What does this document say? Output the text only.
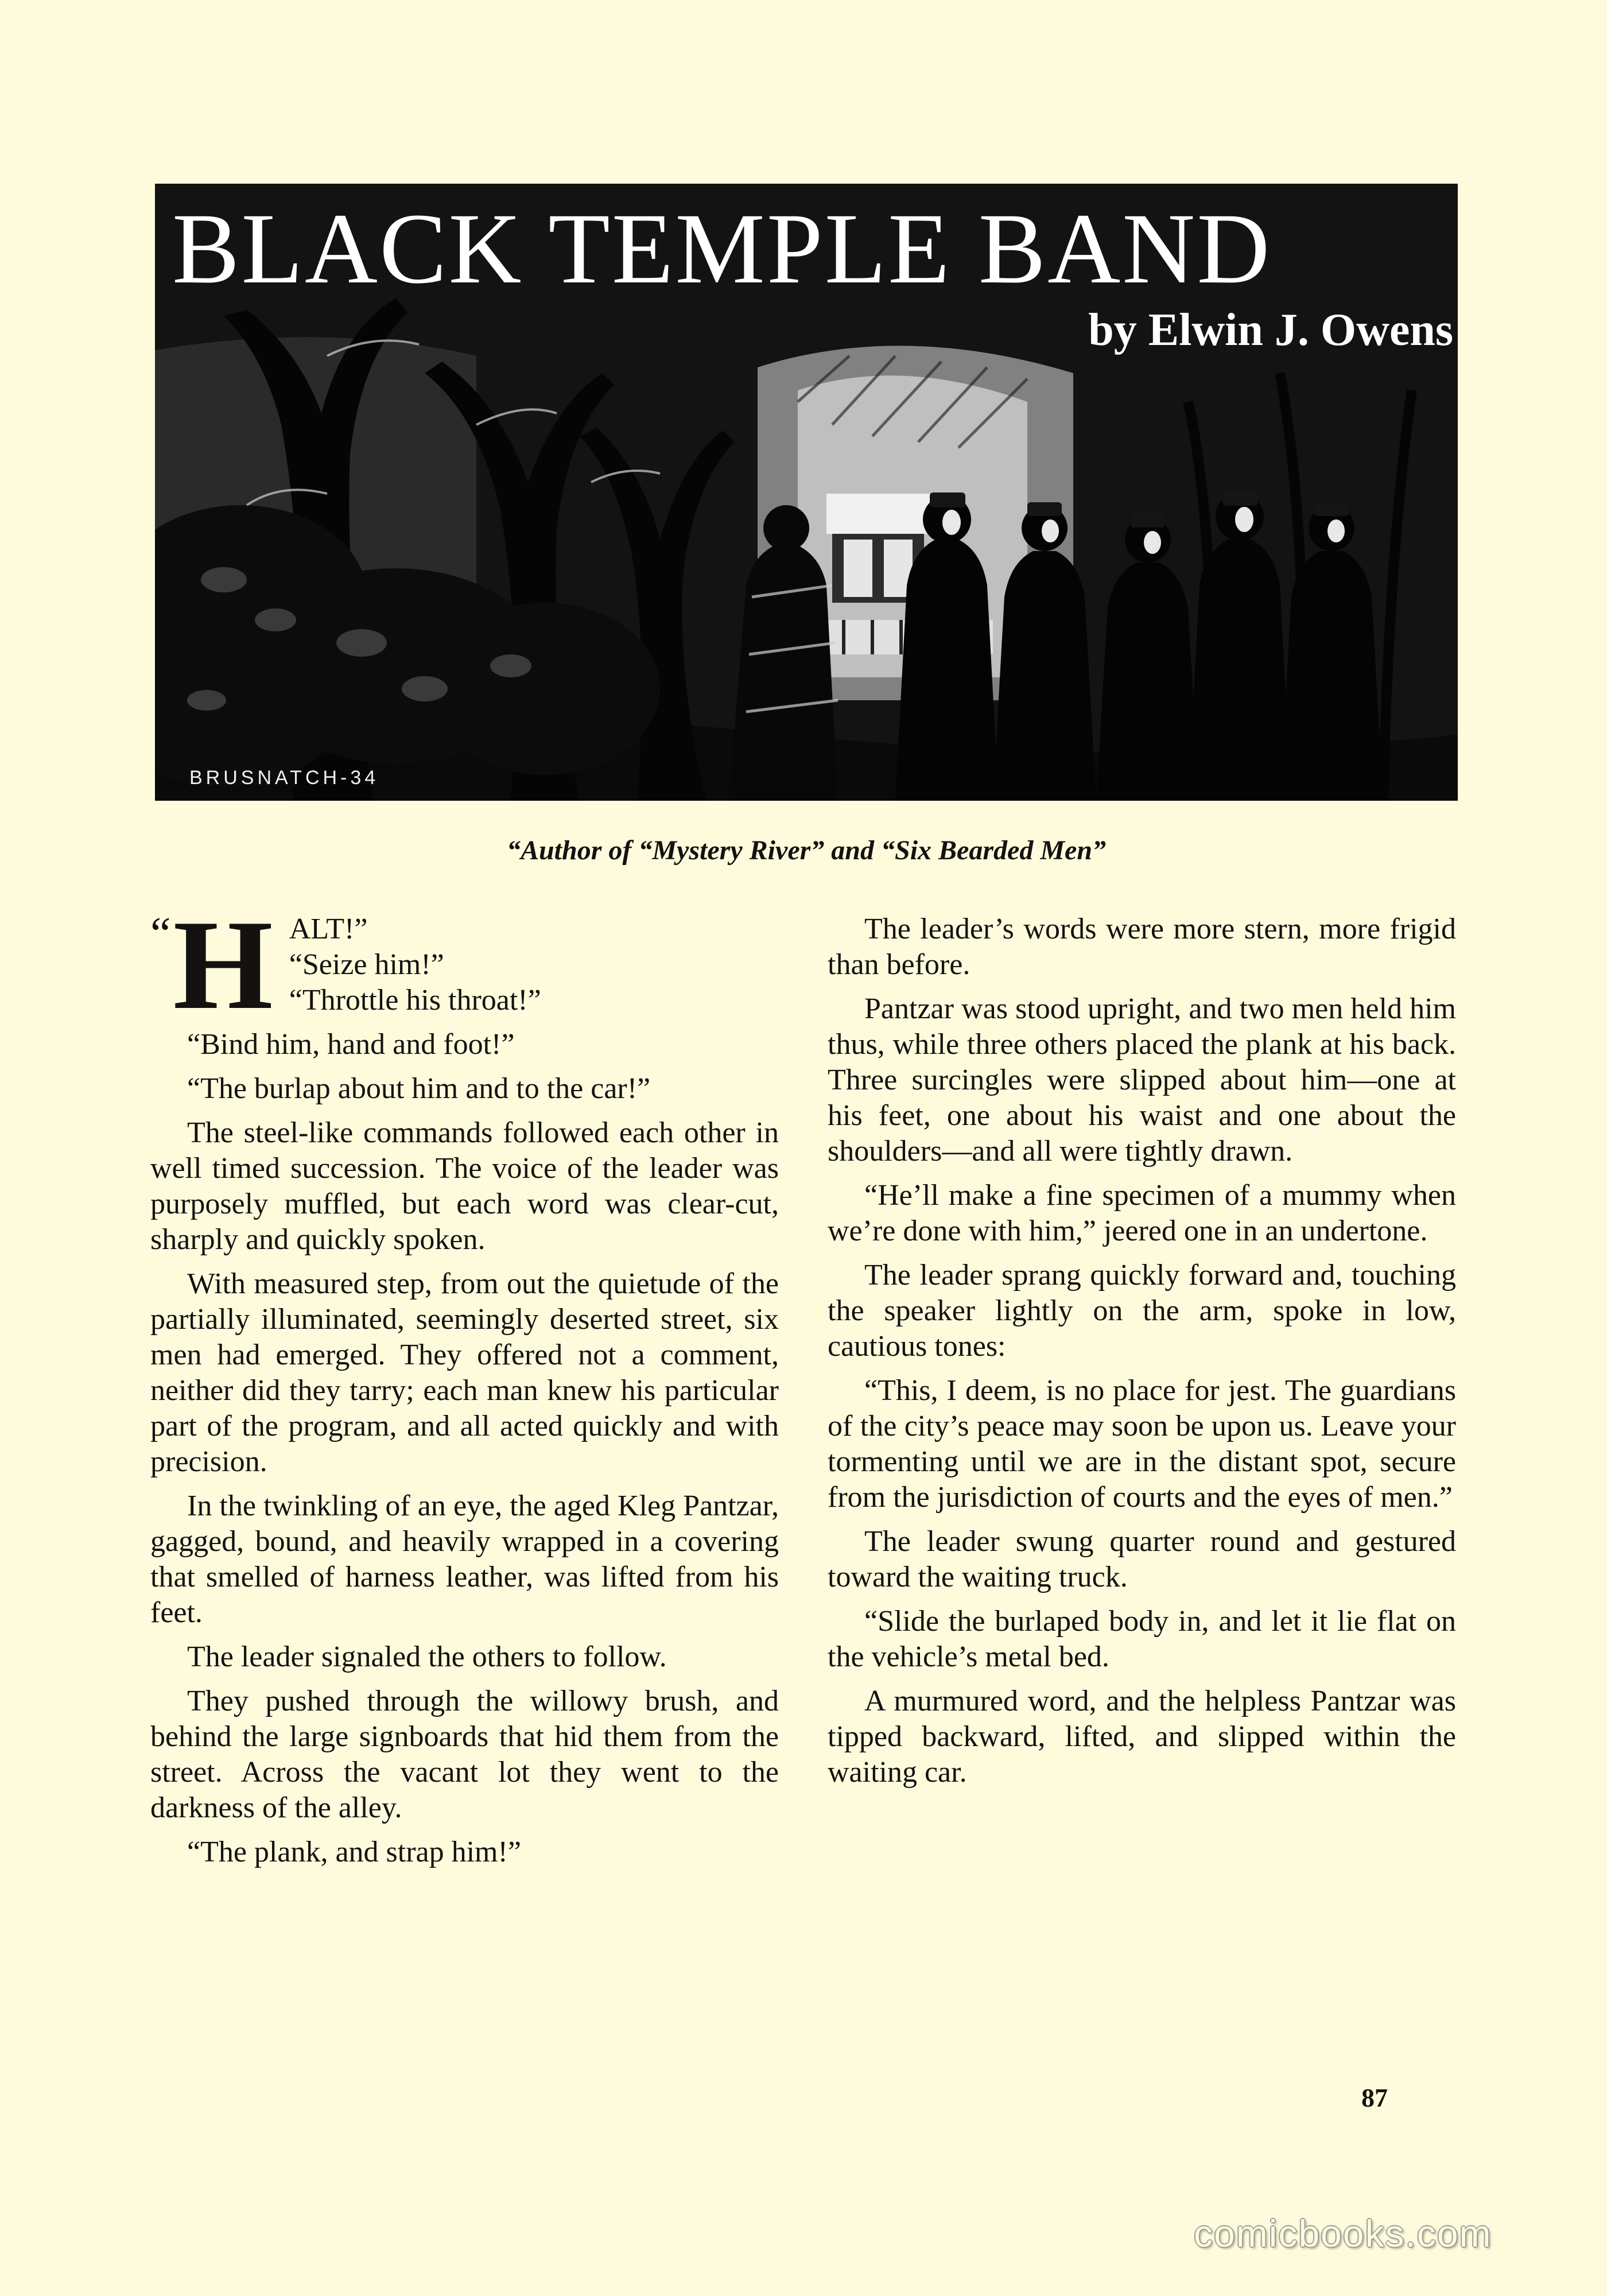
BLACK TEMPLE BAND
by Elwin J. Owens
BRUSNATCH-34
“Author of “Mystery River” and “Six Bearded Men”

“ H ALT!”
“Seize him!”
“Throttle his throat!”

“Bind him, hand and foot!”

“The burlap about him and to the car!”

The steel-like commands followed each other in well timed succession. The voice of the leader was purposely muffled, but each word was clear-cut, sharply and quickly spoken.

With measured step, from out the quietude of the partially illuminated, seemingly deserted street, six men had emerged. They offered not a comment, neither did they tarry; each man knew his particular part of the program, and all acted quickly and with precision.

In the twinkling of an eye, the aged Kleg Pantzar, gagged, bound, and heavily wrapped in a covering that smelled of harness leather, was lifted from his feet.

The leader signaled the others to follow.

They pushed through the willowy brush, and behind the large signboards that hid them from the street. Across the vacant lot they went to the darkness of the alley.

“The plank, and strap him!”

The leader’s words were more stern, more frigid than before.

Pantzar was stood upright, and two men held him thus, while three others placed the plank at his back. Three surcingles were slipped about him—one at his feet, one about his waist and one about the shoulders—and all were tightly drawn.

“He’ll make a fine specimen of a mummy when we’re done with him,” jeered one in an undertone.

The leader sprang quickly forward and, touching the speaker lightly on the arm, spoke in low, cautious tones:

“This, I deem, is no place for jest. The guardians of the city’s peace may soon be upon us. Leave your tormenting until we are in the distant spot, secure from the jurisdiction of courts and the eyes of men.”

The leader swung quarter round and gestured toward the waiting truck.

“Slide the burlaped body in, and let it lie flat on the vehicle’s metal bed.

A murmured word, and the helpless Pantzar was tipped backward, lifted, and slipped within the waiting car.

87
comicbooks.com
